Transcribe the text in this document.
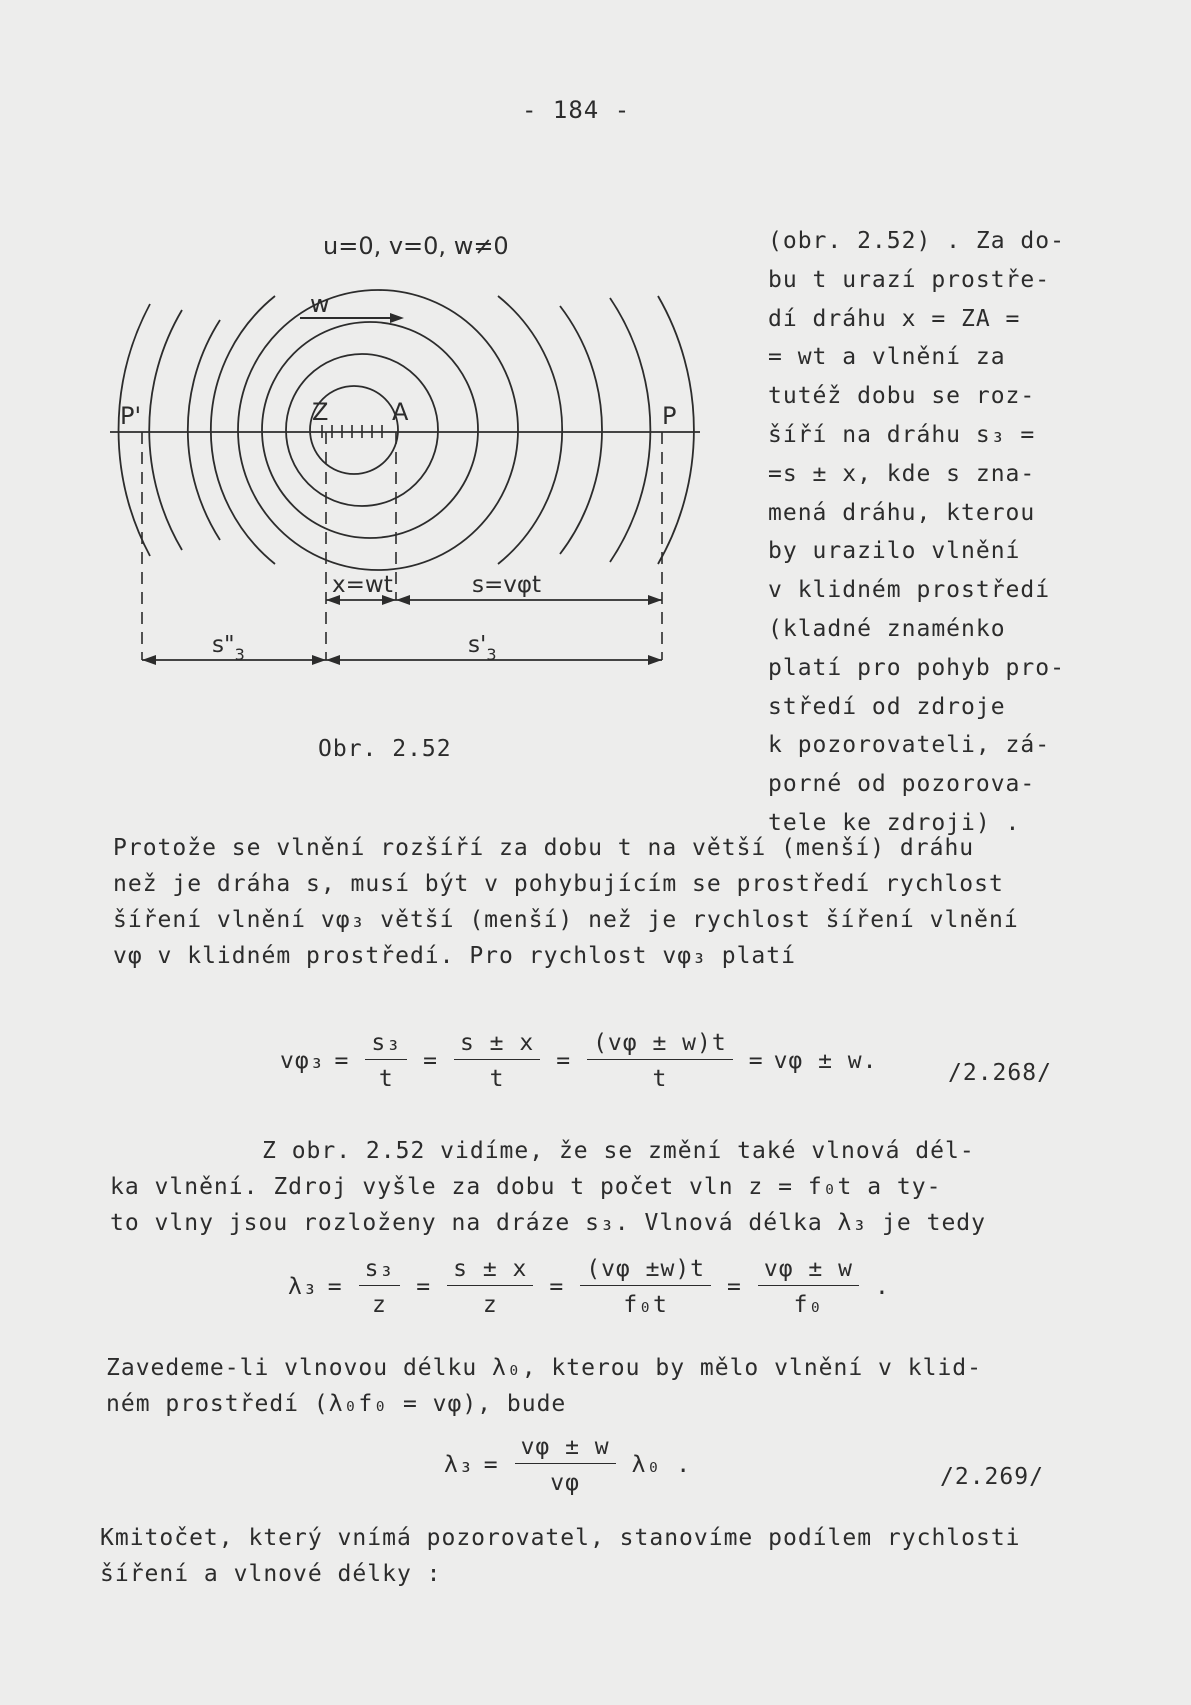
- 184 -
u=0, v=0, w≠0
w
P'	P
Z	A
x=wt	s=vφt
$s"_3$	$s'_3$
Obr. 2.52
(obr. 2.52) . Za do-
bu t urazí prostře-
dí dráhu x = ZA =
= wt a vlnění za
tutéž dobu se roz-
šíří na dráhu s₃ =
=s ± x, kde s zna-
mená dráhu, kterou
by urazilo vlnění
v klidném prostředí
(kladné znaménko
platí pro pohyb pro-
středí od zdroje
k pozorovateli, zá-
porné od pozorova-
tele ke zdroji) .
Protože se vlnění rozšíří za dobu t na větší (menší) dráhu
než je dráha s, musí být v pohybujícím se prostředí rychlost
šíření vlnění vφ₃ větší (menší) než je rychlost šíření vlnění
vφ v klidném prostředí. Pro rychlost vφ₃ platí
$v\varphi_3 = \frac{\text{s₃}}{t} = \frac{s \pm x}{t} = \frac{(v\varphi \pm w)t}{t} = v\varphi \pm w$.	/2.268/
Z obr. 2.52 vidíme, že se změní také vlnová dél-
ka vlnění. Zdroj vyšle za dobu t počet vln z = f₀t a ty-
to vlny jsou rozloženy na dráze s₃. Vlnová délka λ₃ je tedy
$\lambda_3 = \frac{\text{s₃}}{z} = \frac{s \pm x}{z} = \frac{(v\varphi \pm w)t}{\text{f₀t}} = \frac{v\varphi \pm w}{\text{f₀}}$ .
Zavedeme-li vlnovou délku λ₀, kterou by mělo vlnění v klid-
ném prostředí (λ₀f₀ = vφ), bude
$\lambda_3 = \frac{v\varphi \pm w}{v\varphi} \lambda_0$ .	/2.269/
Kmitočet, který vnímá pozorovatel, stanovíme podílem rychlosti
šíření a vlnové délky :
